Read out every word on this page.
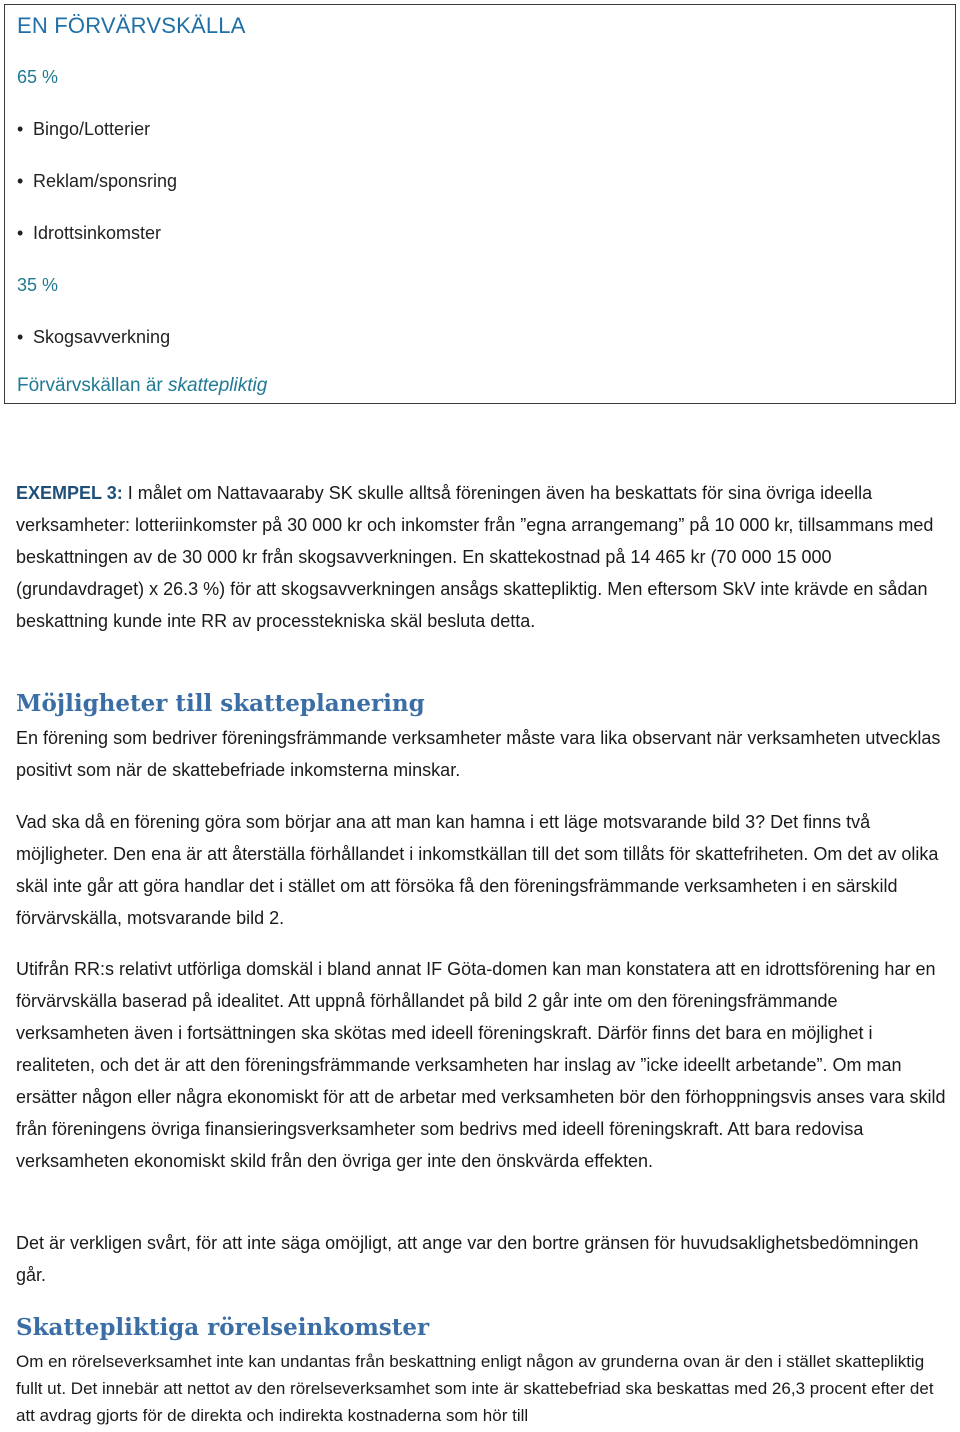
EN FÖRVÄRVSKÄLLA
65 %
• Bingo/Lotterier
• Reklam/sponsring
• Idrottsinkomster
35 %
• Skogsavverkning
Förvärvskällan är skattepliktig

EXEMPEL 3: I målet om Nattavaaraby SK skulle alltså föreningen även ha beskattats för sina övriga ideella verksamheter: lotteriinkomster på 30 000 kr och inkomster från ”egna arrangemang” på 10 000 kr, tillsammans med beskattningen av de 30 000 kr från skogsavverkningen. En skattekostnad på 14 465 kr (70 000 15 000 (grundavdraget) x 26.3 %) för att skogsavverkningen ansågs skattepliktig. Men eftersom SkV inte krävde en sådan beskattning kunde inte RR av processtekniska skäl besluta detta.

Möjligheter till skatteplanering

En förening som bedriver föreningsfrämmande verksamheter måste vara lika observant när verksamheten utvecklas positivt som när de skattebefriade inkomsterna minskar.

Vad ska då en förening göra som börjar ana att man kan hamna i ett läge motsvarande bild 3? Det finns två möjligheter. Den ena är att återställa förhållandet i inkomstkällan till det som tillåts för skattefriheten. Om det av olika skäl inte går att göra handlar det i stället om att försöka få den föreningsfrämmande verksamheten i en särskild förvärvskälla, motsvarande bild 2.

Utifrån RR:s relativt utförliga domskäl i bland annat IF Göta-domen kan man konstatera att en idrottsförening har en förvärvskälla baserad på idealitet. Att uppnå förhållandet på bild 2 går inte om den föreningsfrämmande verksamheten även i fortsättningen ska skötas med ideell föreningskraft. Därför finns det bara en möjlighet i realiteten, och det är att den föreningsfrämmande verksamheten har inslag av ”icke ideellt arbetande”. Om man ersätter någon eller några ekonomiskt för att de arbetar med verksamheten bör den förhoppningsvis anses vara skild från föreningens övriga finansieringsverksamheter som bedrivs med ideell föreningskraft. Att bara redovisa verksamheten ekonomiskt skild från den övriga ger inte den önskvärda effekten.

Det är verkligen svårt, för att inte säga omöjligt, att ange var den bortre gränsen för huvudsaklighetsbedömningen går.

Skattepliktiga rörelseinkomster

Om en rörelseverksamhet inte kan undantas från beskattning enligt någon av grunderna ovan är den i stället skattepliktig fullt ut. Det innebär att nettot av den rörelseverksamhet som inte är skattebefriad ska beskattas med 26,3 procent efter det att avdrag gjorts för de direkta och indirekta kostnaderna som hör till
